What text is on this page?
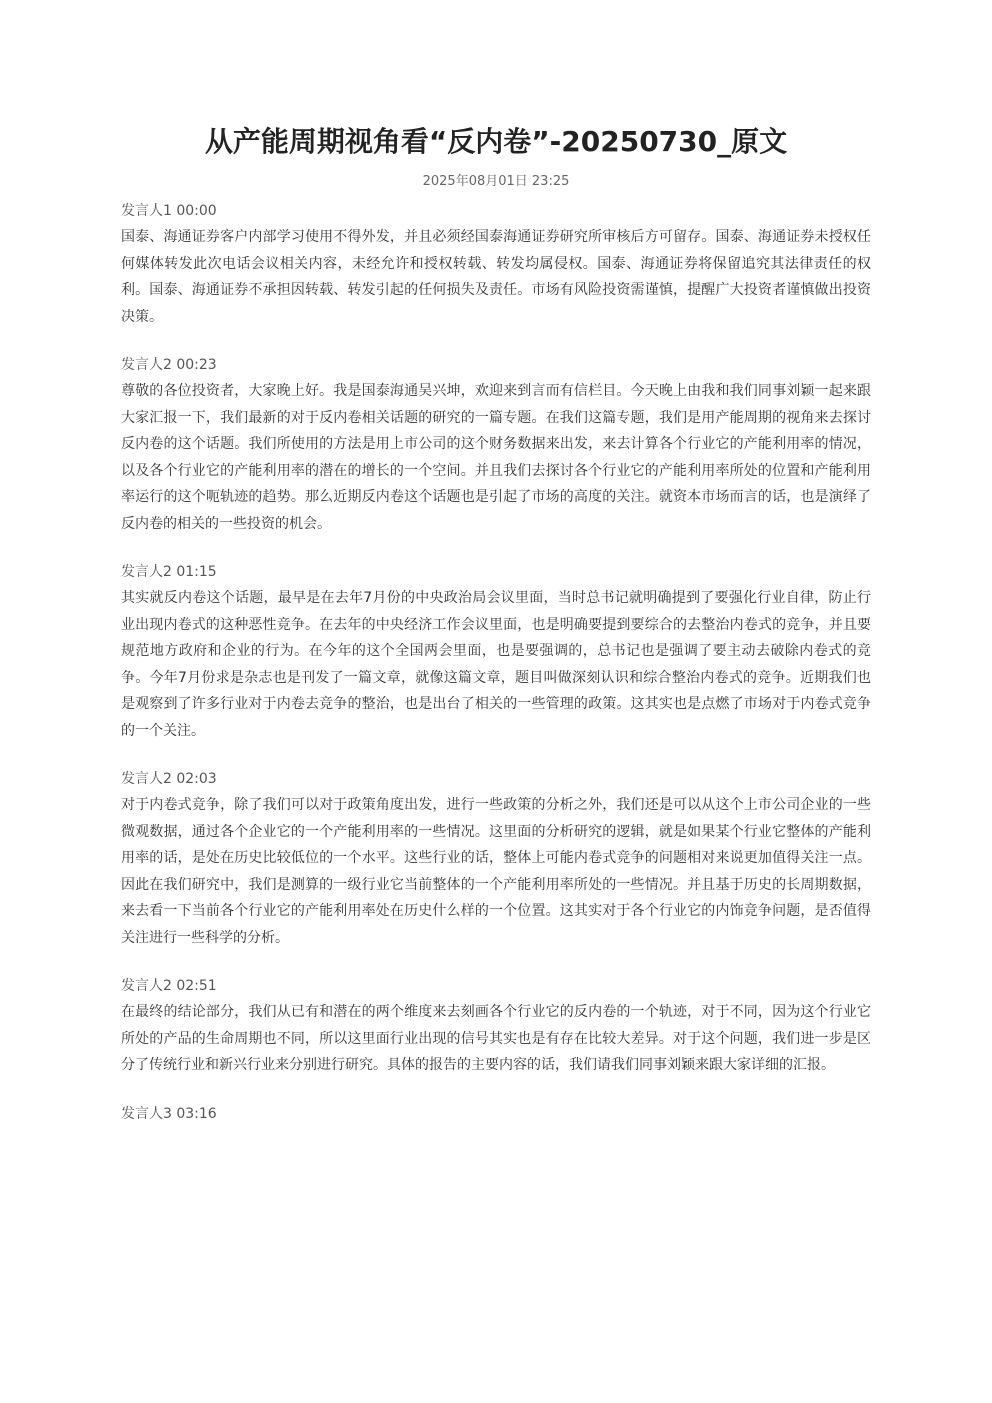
从产能周期视角看“反内卷”-20250730_原文
2025年08月01日 23:25
发言人1 00:00

国泰、海通证券客户内部学习使用不得外发，并且必须经国泰海通证券研究所审核后方可留存。国泰、海通证券未授权任何媒体转发此次电话会议相关内容，未经允许和授权转载、转发均属侵权。国泰、海通证券将保留追究其法律责任的权利。国泰、海通证券不承担因转载、转发引起的任何损失及责任。市场有风险投资需谨慎，提醒广大投资者谨慎做出投资决策。

发言人2 00:23

尊敬的各位投资者，大家晚上好。我是国泰海通吴兴坤，欢迎来到言而有信栏目。今天晚上由我和我们同事刘颖一起来跟大家汇报一下，我们最新的对于反内卷相关话题的研究的一篇专题。在我们这篇专题，我们是用产能周期的视角来去探讨反内卷的这个话题。我们所使用的方法是用上市公司的这个财务数据来出发，来去计算各个行业它的产能利用率的情况，以及各个行业它的产能利用率的潜在的增长的一个空间。并且我们去探讨各个行业它的产能利用率所处的位置和产能利用率运行的这个呃轨迹的趋势。那么近期反内卷这个话题也是引起了市场的高度的关注。就资本市场而言的话，也是演绎了反内卷的相关的一些投资的机会。

发言人2 01:15

其实就反内卷这个话题，最早是在去年7月份的中央政治局会议里面，当时总书记就明确提到了要强化行业自律，防止行业出现内卷式的这种恶性竞争。在去年的中央经济工作会议里面，也是明确要提到要综合的去整治内卷式的竞争，并且要规范地方政府和企业的行为。在今年的这个全国两会里面，也是要强调的，总书记也是强调了要主动去破除内卷式的竞争。今年7月份求是杂志也是刊发了一篇文章，就像这篇文章，题目叫做深刻认识和综合整治内卷式的竞争。近期我们也是观察到了许多行业对于内卷去竞争的整治，也是出台了相关的一些管理的政策。这其实也是点燃了市场对于内卷式竞争的一个关注。

发言人2 02:03

对于内卷式竞争，除了我们可以对于政策角度出发，进行一些政策的分析之外，我们还是可以从这个上市公司企业的一些微观数据，通过各个企业它的一个产能利用率的一些情况。这里面的分析研究的逻辑，就是如果某个行业它整体的产能利用率的话，是处在历史比较低位的一个水平。这些行业的话，整体上可能内卷式竞争的问题相对来说更加值得关注一点。因此在我们研究中，我们是测算的一级行业它当前整体的一个产能利用率所处的一些情况。并且基于历史的长周期数据，来去看一下当前各个行业它的产能利用率处在历史什么样的一个位置。这其实对于各个行业它的内饰竞争问题，是否值得关注进行一些科学的分析。

发言人2 02:51

在最终的结论部分，我们从已有和潜在的两个维度来去刻画各个行业它的反内卷的一个轨迹，对于不同，因为这个行业它所处的产品的生命周期也不同，所以这里面行业出现的信号其实也是有存在比较大差异。对于这个问题，我们进一步是区分了传统行业和新兴行业来分别进行研究。具体的报告的主要内容的话，我们请我们同事刘颖来跟大家详细的汇报。

发言人3 03:16
